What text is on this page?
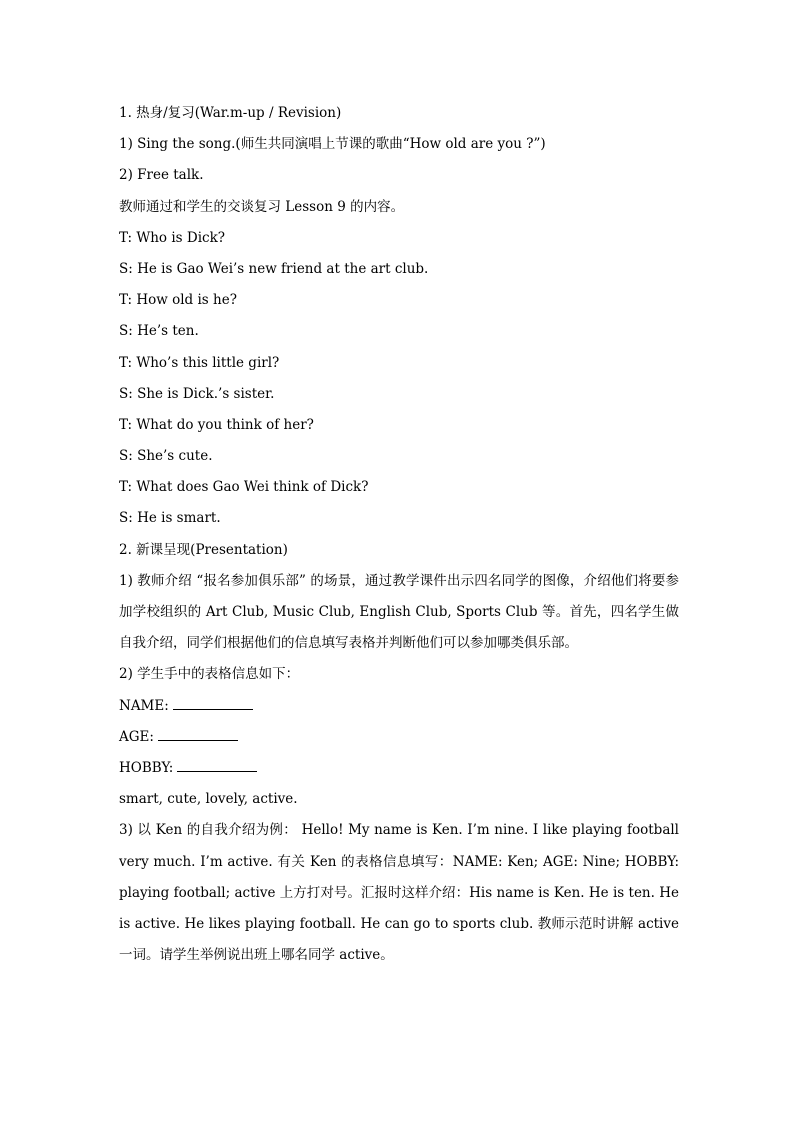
1. 热身/复习(War.m-up / Revision)
1) Sing the song.(师生共同演唱上节课的歌曲“How old are you ?”)
2) Free talk.
教师通过和学生的交谈复习 Lesson 9 的内容。
T: Who is Dick?
S: He is Gao Wei’s new friend at the art club.
T: How old is he?
S: He’s ten.
T: Who’s this little girl?
S: She is Dick.’s sister.
T: What do you think of her?
S: She’s cute.
T: What does Gao Wei think of Dick?
S: He is smart.
2. 新课呈现(Presentation)
1) 教师介绍 “报名参加俱乐部” 的场景，通过教学课件出示四名同学的图像，介绍他们将要参加学校组织的 Art Club, Music Club, English Club, Sports Club 等。首先，四名学生做自我介绍，同学们根据他们的信息填写表格并判断他们可以参加哪类俱乐部。
2) 学生手中的表格信息如下：
NAME:
AGE:
HOBBY:
smart, cute, lovely, active.
3) 以 Ken 的自我介绍为例： Hello! My name is Ken. I’m nine. I like playing football very much. I’m active. 有关 Ken 的表格信息填写：NAME: Ken; AGE: Nine; HOBBY: playing football; active 上方打对号。汇报时这样介绍：His name is Ken. He is ten. He is active. He likes playing football. He can go to sports club. 教师示范时讲解 active 一词。请学生举例说出班上哪名同学 active。
